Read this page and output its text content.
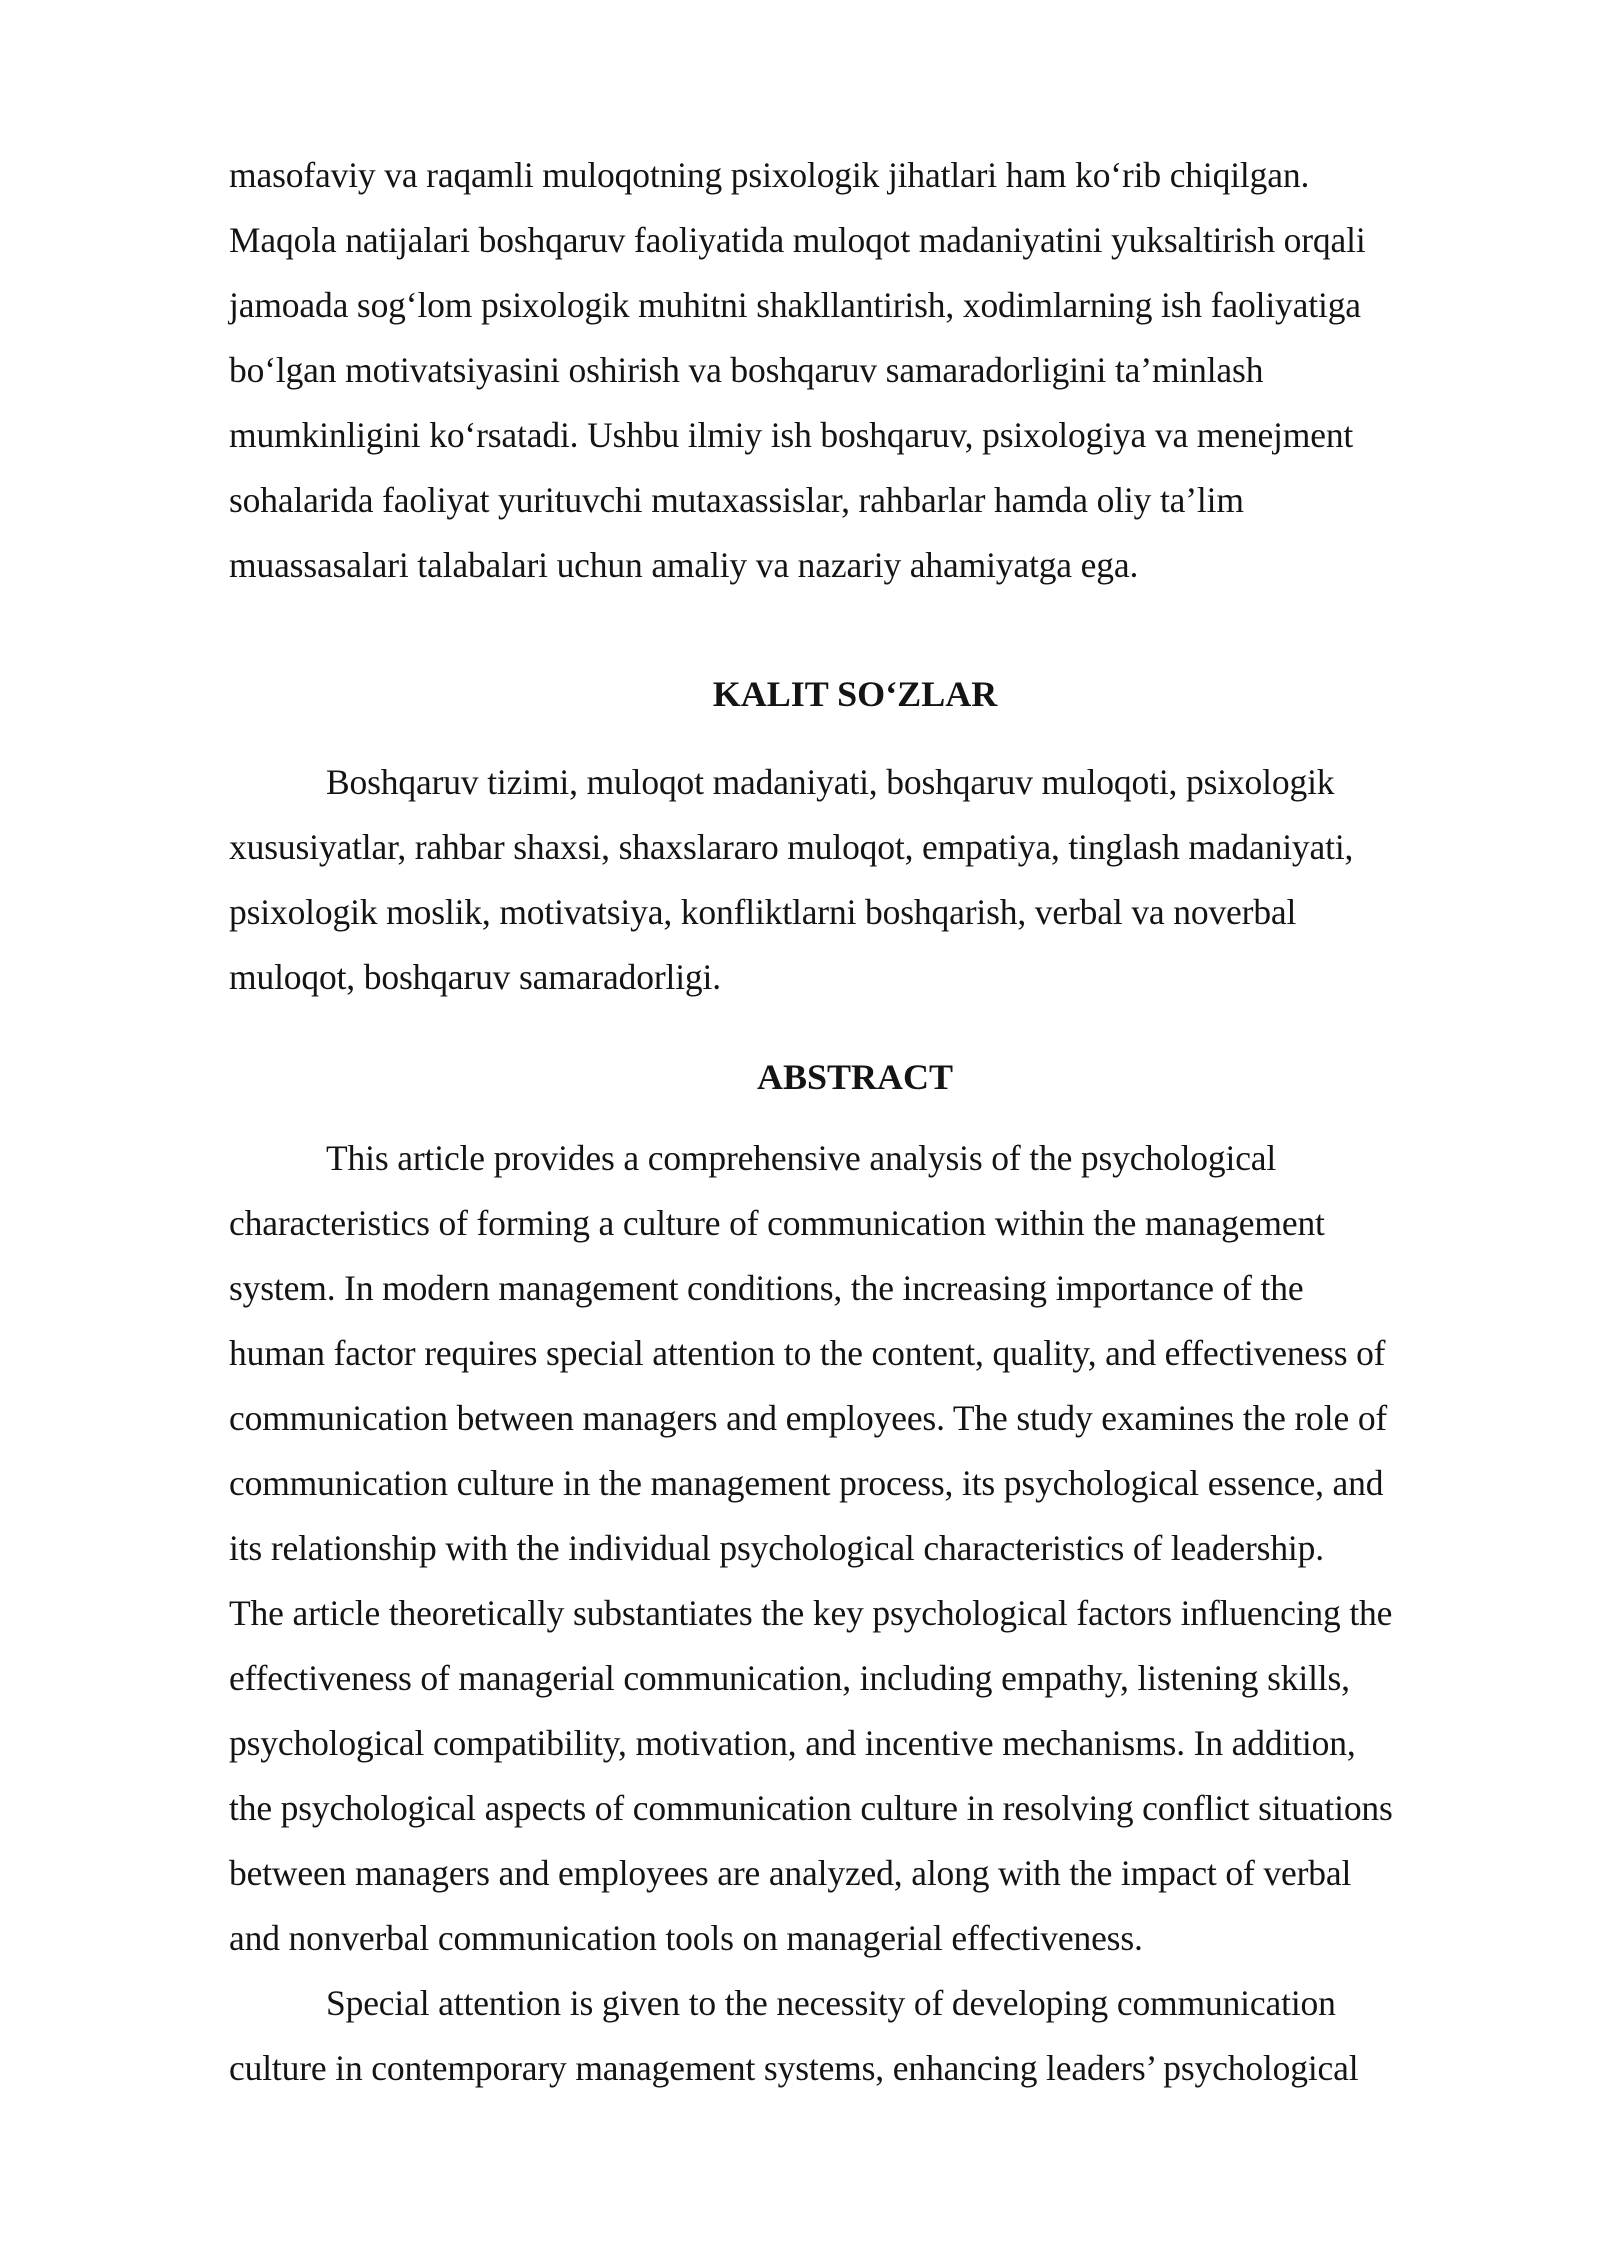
masofaviy va raqamli muloqotning psixologik jihatlari ham ko‘rib chiqilgan.
Maqola natijalari boshqaruv faoliyatida muloqot madaniyatini yuksaltirish orqali
jamoada sog‘lom psixologik muhitni shakllantirish, xodimlarning ish faoliyatiga
bo‘lgan motivatsiyasini oshirish va boshqaruv samaradorligini ta’minlash
mumkinligini ko‘rsatadi. Ushbu ilmiy ish boshqaruv, psixologiya va menejment
sohalarida faoliyat yurituvchi mutaxassislar, rahbarlar hamda oliy ta’lim
muassasalari talabalari uchun amaliy va nazariy ahamiyatga ega.

KALIT SO‘ZLAR

Boshqaruv tizimi, muloqot madaniyati, boshqaruv muloqoti, psixologik
xususiyatlar, rahbar shaxsi, shaxslararo muloqot, empatiya, tinglash madaniyati,
psixologik moslik, motivatsiya, konfliktlarni boshqarish, verbal va noverbal
muloqot, boshqaruv samaradorligi.

ABSTRACT

This article provides a comprehensive analysis of the psychological
characteristics of forming a culture of communication within the management
system. In modern management conditions, the increasing importance of the
human factor requires special attention to the content, quality, and effectiveness of
communication between managers and employees. The study examines the role of
communication culture in the management process, its psychological essence, and
its relationship with the individual psychological characteristics of leadership.
The article theoretically substantiates the key psychological factors influencing the
effectiveness of managerial communication, including empathy, listening skills,
psychological compatibility, motivation, and incentive mechanisms. In addition,
the psychological aspects of communication culture in resolving conflict situations
between managers and employees are analyzed, along with the impact of verbal
and nonverbal communication tools on managerial effectiveness.

Special attention is given to the necessity of developing communication
culture in contemporary management systems, enhancing leaders’ psychological
